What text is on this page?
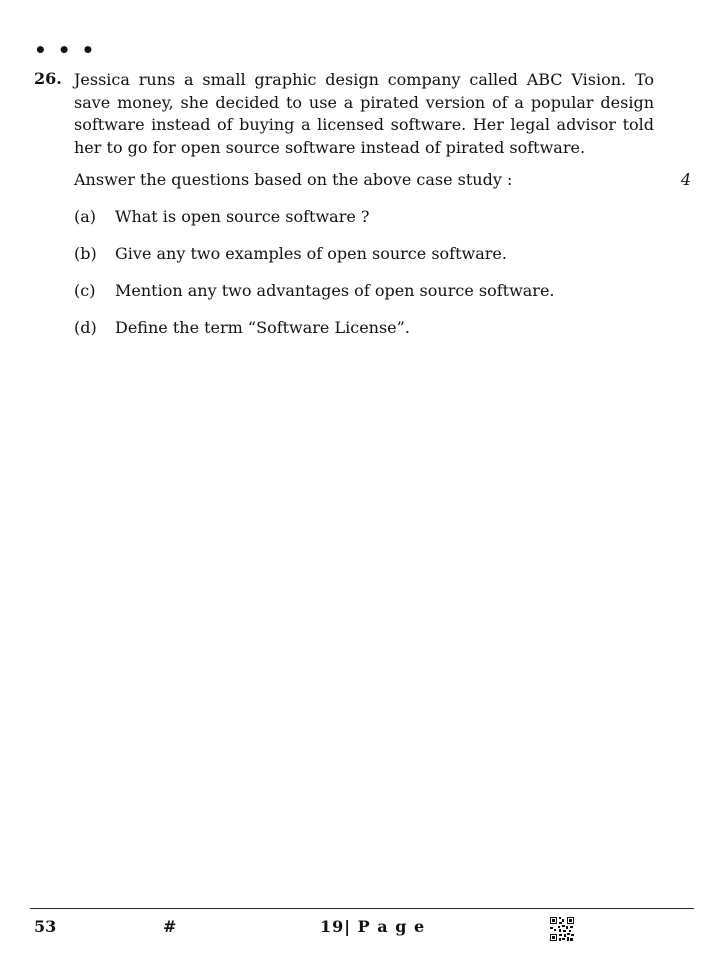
• • •
26. Jessica runs a small graphic design company called ABC Vision. To save money, she decided to use a pirated version of a popular design software instead of buying a licensed software. Her legal advisor told her to go for open source software instead of pirated software.
Answer the questions based on the above case study :	4
(a) What is open source software ?
(b) Give any two examples of open source software.
(c) Mention any two advantages of open source software.
(d) Define the term “Software License”.
53	#	19| P a g e
